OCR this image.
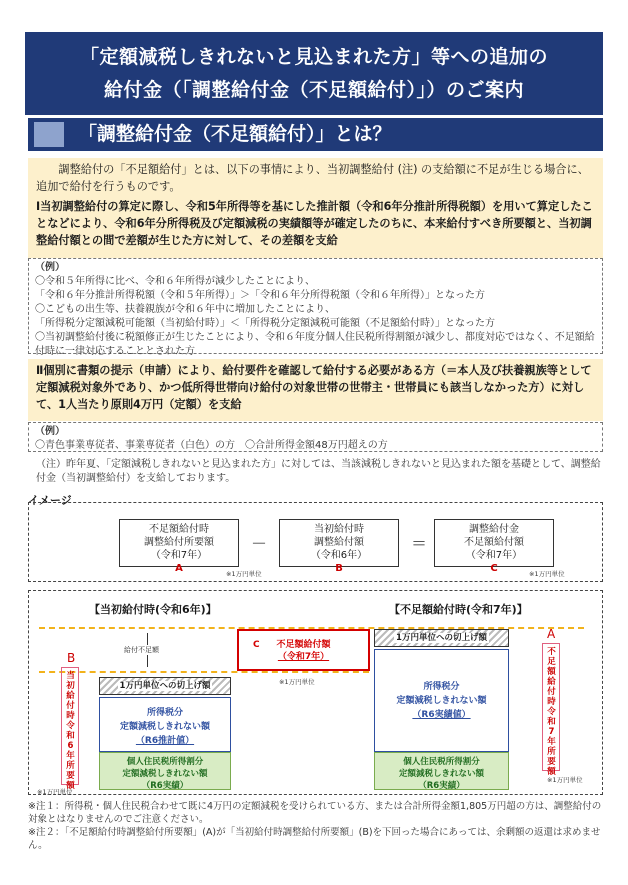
「定額減税しきれないと見込まれた方」等への追加の
給付金（「調整給付金（不足額給付）」）のご案内
「調整給付金（不足額給付）」とは？
調整給付の「不足額給付」とは、以下の事情により、当初調整給付 (注) の支給額に不足が生じる場合に、追加で給付を行うものです。
Ⅰ当初調整給付の算定に際し、令和5年所得等を基にした推計額（令和6年分推計所得税額）を用いて算定したことなどにより、令和6年分所得税及び定額減税の実績額等が確定したのちに、本来給付すべき所要額と、当初調整給付額との間で差額が生じた方に対して、その差額を支給
（例）
〇令和５年所得に比べ、令和６年所得が減少したことにより、
「令和６年分推計所得税額（令和５年所得）」＞「令和６年分所得税額（令和６年所得）」となった方
〇こどもの出生等、扶養親族が令和６年中に増加したことにより、
「所得税分定額減税可能額（当初給付時）」＜「所得税分定額減税可能額（不足額給付時）」となった方
〇当初調整給付後に税額修正が生じたことにより、令和６年度分個人住民税所得割額が減少し、都度対応ではなく、不足額給付時に一律対応することとされた方
Ⅱ個別に書類の提示（申請）により、給付要件を確認して給付する必要がある方（＝本人及び扶養親族等として定額減税対象外であり、かつ低所得世帯向け給付の対象世帯の世帯主・世帯員にも該当しなかった方）に対して、1人当たり原則4万円（定額）を支給
（例）
〇青色事業専従者、事業専従者（白色）の方　〇合計所得金額48万円超えの方
（注）昨年夏、「定額減税しきれないと見込まれた方」に対しては、当該減税しきれないと見込まれた額を基礎として、調整給付金（当初調整給付）を支給しております。
イメージ
不足額給付時
調整給付所要額
（令和7年）
A
－
当初給付時
調整給付額
（令和6年）
B
＝
調整給付金
不足額給付額
（令和7年）
C
※1万円単位	※1万円単位
【当初給付時(令和6年)】	【不足額給付時(令和7年)】
給付不足額	C	不足額給付額
（令和7年）
※1万円単位
1万円単位への切上げ額
所得税分
定額減税しきれない額
（R6推計値）
個人住民税所得割分
定額減税しきれない額
（R6実績）
1万円単位への切上げ額
所得税分
定額減税しきれない額
（R6実績値）
個人住民税所得割分
定額減税しきれない額
（R6実績）
B
当初給付時 令和6年 所要額
※1万円単位
A
不足額給付時 令和7年 所要額
※1万円単位
※注１：所得税・個人住民税合わせて既に4万円の定額減税を受けられている方、または合計所得金額1,805万円超の方は、調整給付の対象とはなりませんのでご注意ください。
※注２：「不足額給付時調整給付所要額」(A)が「当初給付時調整給付所要額」(B)を下回った場合にあっては、余剰額の返還は求めません。
